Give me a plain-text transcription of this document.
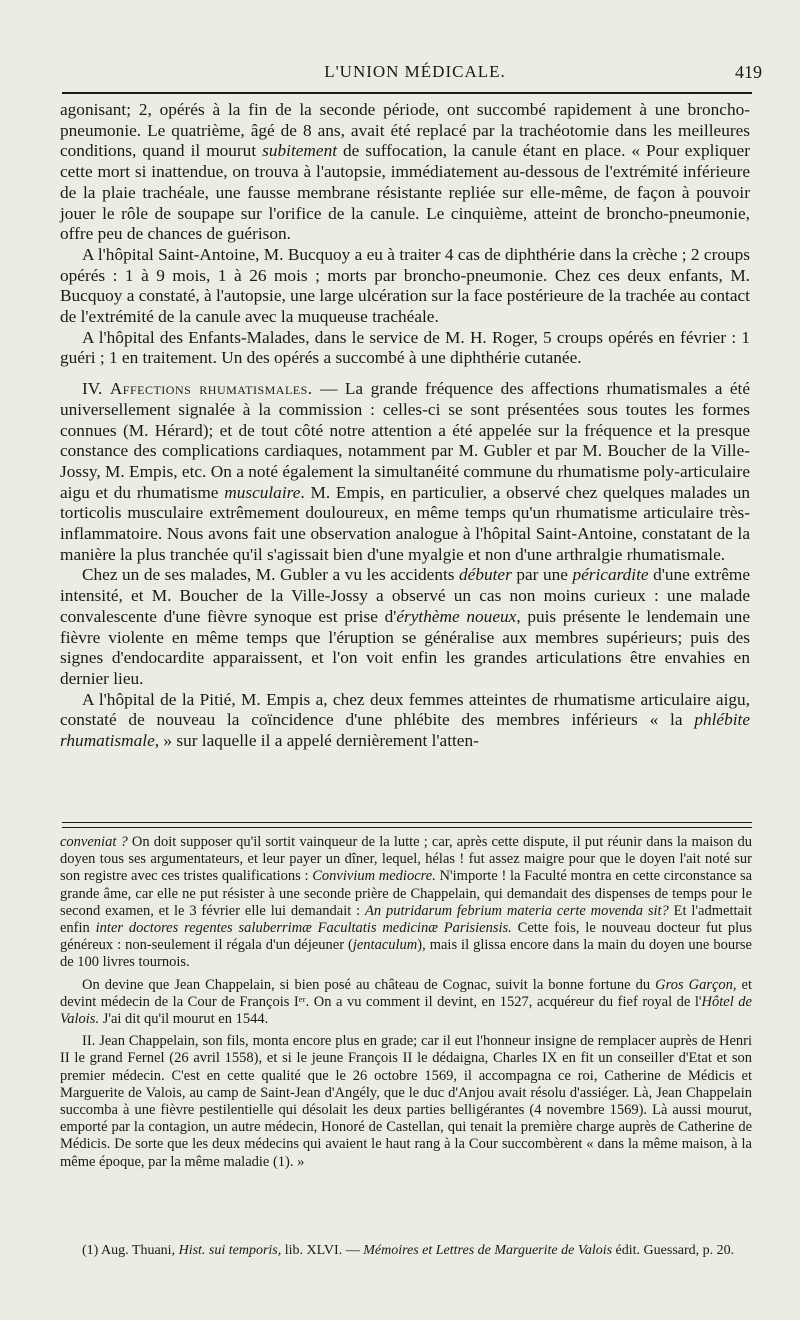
L'UNION MÉDICALE.	419

agonisant; 2, opérés à la fin de la seconde période, ont succombé rapidement à une broncho-pneumonie. Le quatrième, âgé de 8 ans, avait été replacé par la trachéotomie dans les meilleures conditions, quand il mourut subitement de suffocation, la canule étant en place. « Pour expliquer cette mort si inattendue, on trouva à l'autopsie, immédiatement au-dessous de l'extrémité inférieure de la plaie trachéale, une fausse membrane résistante repliée sur elle-même, de façon à pouvoir jouer le rôle de soupape sur l'orifice de la canule. Le cinquième, atteint de broncho-pneumonie, offre peu de chances de guérison.

A l'hôpital Saint-Antoine, M. Bucquoy a eu à traiter 4 cas de diphthérie dans la crèche ; 2 croups opérés : 1 à 9 mois, 1 à 26 mois ; morts par broncho-pneumonie. Chez ces deux enfants, M. Bucquoy a constaté, à l'autopsie, une large ulcération sur la face postérieure de la trachée au contact de l'extrémité de la canule avec la muqueuse trachéale.

A l'hôpital des Enfants-Malades, dans le service de M. H. Roger, 5 croups opérés en février : 1 guéri ; 1 en traitement. Un des opérés a succombé à une diphthérie cutanée.

IV. Affections rhumatismales. — La grande fréquence des affections rhumatismales a été universellement signalée à la commission : celles-ci se sont présentées sous toutes les formes connues (M. Hérard); et de tout côté notre attention a été appelée sur la fréquence et la presque constance des complications cardiaques, notamment par M. Gubler et par M. Boucher de la Ville-Jossy, M. Empis, etc. On a noté également la simultanéité commune du rhumatisme poly-articulaire aigu et du rhumatisme musculaire. M. Empis, en particulier, a observé chez quelques malades un torticolis musculaire extrêmement douloureux, en même temps qu'un rhumatisme articulaire très-inflammatoire. Nous avons fait une observation analogue à l'hôpital Saint-Antoine, constatant de la manière la plus tranchée qu'il s'agissait bien d'une myalgie et non d'une arthralgie rhumatismale.

Chez un de ses malades, M. Gubler a vu les accidents débuter par une péricardite d'une extrême intensité, et M. Boucher de la Ville-Jossy a observé un cas non moins curieux : une malade convalescente d'une fièvre synoque est prise d'érythème noueux, puis présente le lendemain une fièvre violente en même temps que l'éruption se généralise aux membres supérieurs; puis des signes d'endocardite apparaissent, et l'on voit enfin les grandes articulations être envahies en dernier lieu.

A l'hôpital de la Pitié, M. Empis a, chez deux femmes atteintes de rhumatisme articulaire aigu, constaté de nouveau la coïncidence d'une phlébite des membres inférieurs « la phlébite rhumatismale, » sur laquelle il a appelé dernièrement l'atten-

conveniat ? On doit supposer qu'il sortit vainqueur de la lutte ; car, après cette dispute, il put réunir dans la maison du doyen tous ses argumentateurs, et leur payer un dîner, lequel, hélas ! fut assez maigre pour que le doyen l'ait noté sur son registre avec ces tristes qualifications : Convivium mediocre. N'importe ! la Faculté montra en cette circonstance sa grande âme, car elle ne put résister à une seconde prière de Chappelain, qui demandait des dispenses de temps pour le second examen, et le 3 février elle lui demandait : An putridarum febrium materia certe movenda sit? Et l'admettait enfin inter doctores regentes saluberrimæ Facultatis medicinæ Parisiensis. Cette fois, le nouveau docteur fut plus généreux : non-seulement il régala d'un déjeuner (jentaculum), mais il glissa encore dans la main du doyen une bourse de 100 livres tournois.

On devine que Jean Chappelain, si bien posé au château de Cognac, suivit la bonne fortune du Gros Garçon, et devint médecin de la Cour de François Iᵉʳ. On a vu comment il devint, en 1527, acquéreur du fief royal de l'Hôtel de Valois. J'ai dit qu'il mourut en 1544.

II. Jean Chappelain, son fils, monta encore plus en grade; car il eut l'honneur insigne de remplacer auprès de Henri II le grand Fernel (26 avril 1558), et si le jeune François II le dédaigna, Charles IX en fit un conseiller d'Etat et son premier médecin. C'est en cette qualité que le 26 octobre 1569, il accompagna ce roi, Catherine de Médicis et Marguerite de Valois, au camp de Saint-Jean d'Angély, que le duc d'Anjou avait résolu d'assiéger. Là, Jean Chappelain succomba à une fièvre pestilentielle qui désolait les deux parties belligérantes (4 novembre 1569). Là aussi mourut, emporté par la contagion, un autre médecin, Honoré de Castellan, qui tenait la première charge auprès de Catherine de Médicis. De sorte que les deux médecins qui avaient le haut rang à la Cour succombèrent « dans la même maison, à la même époque, par la même maladie (1). »

(1) Aug. Thuani, Hist. sui temporis, lib. XLVI. — Mémoires et Lettres de Marguerite de Valois édit. Guessard, p. 20.
